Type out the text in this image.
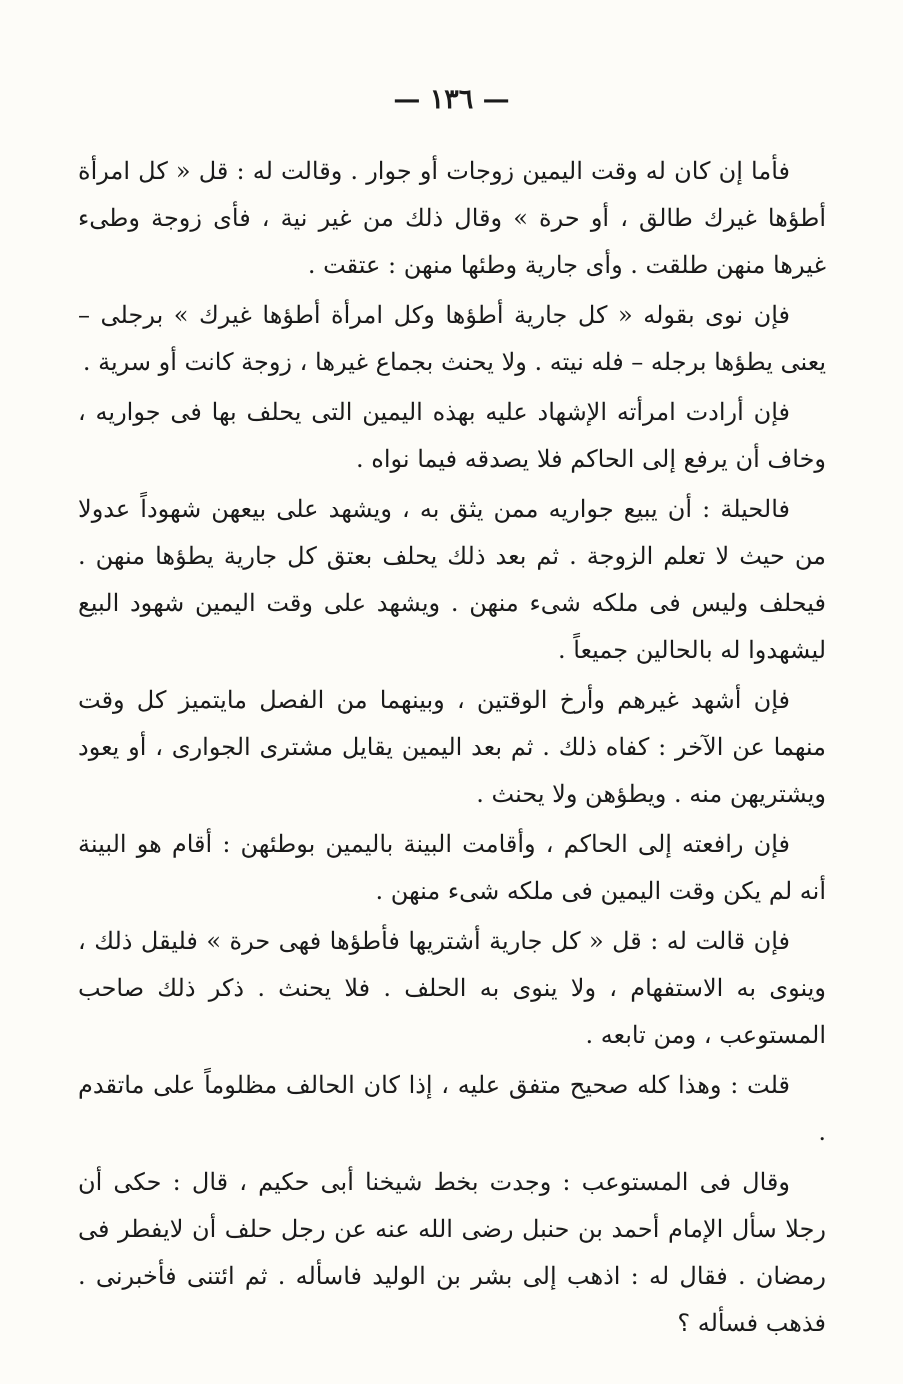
— ١٣٦ —

فأما إن كان له وقت اليمين زوجات أو جوار . وقالت له : قل « كل امرأة أطؤها غيرك طالق ، أو حرة » وقال ذلك من غير نية ، فأى زوجة وطىء غيرها منهن طلقت . وأى جارية وطئها منهن : عتقت .

فإن نوى بقوله « كل جارية أطؤها وكل امرأة أطؤها غيرك » برجلى – يعنى يطؤها برجله – فله نيته . ولا يحنث بجماع غيرها ، زوجة كانت أو سرية .

فإن أرادت امرأته الإشهاد عليه بهذه اليمين التى يحلف بها فى جواريه ، وخاف أن يرفع إلى الحاكم فلا يصدقه فيما نواه .

فالحيلة : أن يبيع جواريه ممن يثق به ، ويشهد على بيعهن شهوداً عدولا من حيث لا تعلم الزوجة . ثم بعد ذلك يحلف بعتق كل جارية يطؤها منهن . فيحلف وليس فى ملكه شىء منهن . ويشهد على وقت اليمين شهود البيع ليشهدوا له بالحالين جميعاً .

فإن أشهد غيرهم وأرخ الوقتين ، وبينهما من الفصل مايتميز كل وقت منهما عن الآخر : كفاه ذلك . ثم بعد اليمين يقايل مشترى الجوارى ، أو يعود ويشتريهن منه . ويطؤهن ولا يحنث .

فإن رافعته إلى الحاكم ، وأقامت البينة باليمين بوطئهن : أقام هو البينة أنه لم يكن وقت اليمين فى ملكه شىء منهن .

فإن قالت له : قل « كل جارية أشتريها فأطؤها فهى حرة » فليقل ذلك ، وينوى به الاستفهام ، ولا ينوى به الحلف . فلا يحنث . ذكر ذلك صاحب المستوعب ، ومن تابعه .

قلت : وهذا كله صحيح متفق عليه ، إذا كان الحالف مظلوماً على ماتقدم .

وقال فى المستوعب : وجدت بخط شيخنا أبى حكيم ، قال : حكى أن رجلا سأل الإمام أحمد بن حنبل رضى الله عنه عن رجل حلف أن لايفطر فى رمضان . فقال له : اذهب إلى بشر بن الوليد فاسأله . ثم ائتنى فأخبرنى . فذهب فسأله ؟
